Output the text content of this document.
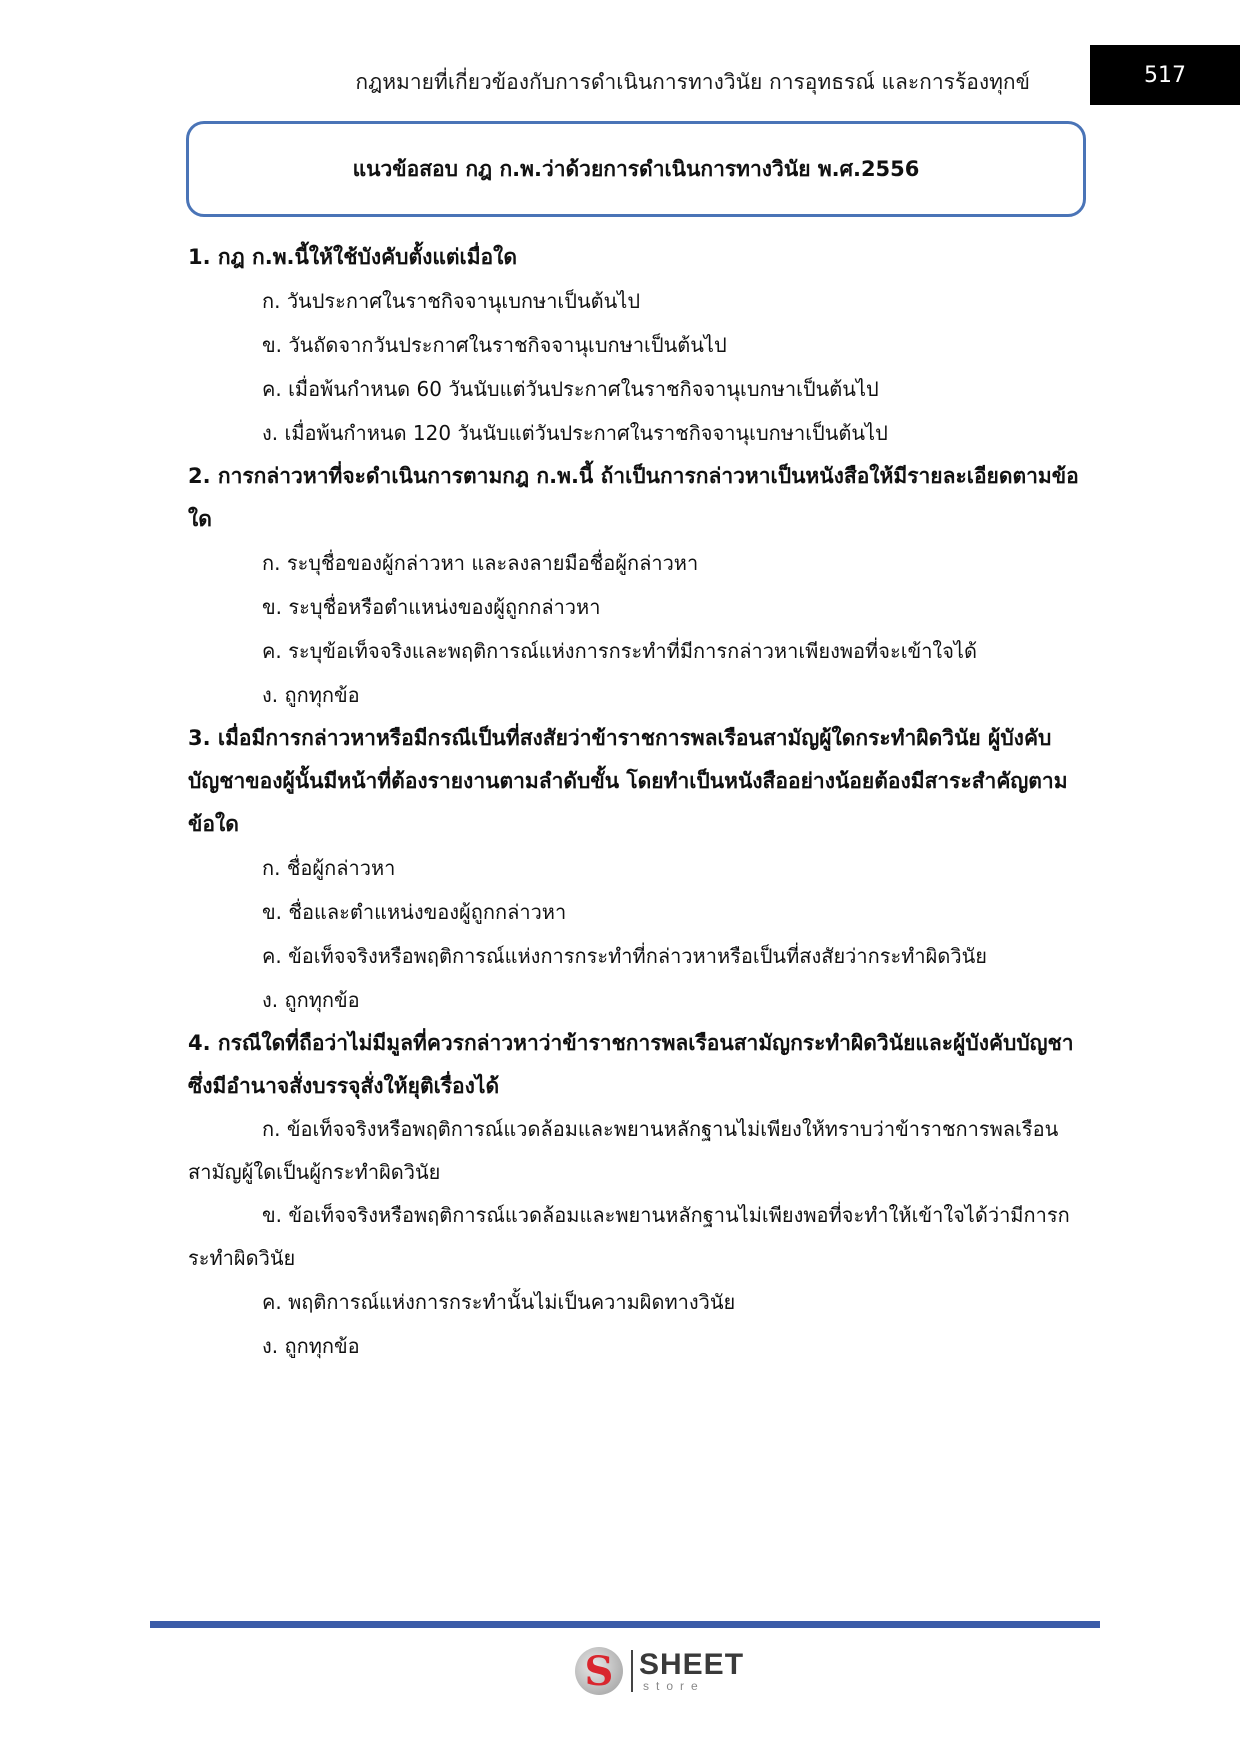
กฎหมายที่เกี่ยวข้องกับการดำเนินการทางวินัย การอุทธรณ์ และการร้องทุกข์	517
แนวข้อสอบ กฎ ก.พ.ว่าด้วยการดำเนินการทางวินัย พ.ศ.2556
1. กฎ ก.พ.นี้ให้ใช้บังคับตั้งแต่เมื่อใด
ก. วันประกาศในราชกิจจานุเบกษาเป็นต้นไป
ข. วันถัดจากวันประกาศในราชกิจจานุเบกษาเป็นต้นไป
ค. เมื่อพ้นกำหนด 60 วันนับแต่วันประกาศในราชกิจจานุเบกษาเป็นต้นไป
ง. เมื่อพ้นกำหนด 120 วันนับแต่วันประกาศในราชกิจจานุเบกษาเป็นต้นไป
2. การกล่าวหาที่จะดำเนินการตามกฎ ก.พ.นี้ ถ้าเป็นการกล่าวหาเป็นหนังสือให้มีรายละเอียดตามข้อใด
ก. ระบุชื่อของผู้กล่าวหา และลงลายมือชื่อผู้กล่าวหา
ข. ระบุชื่อหรือตำแหน่งของผู้ถูกกล่าวหา
ค. ระบุข้อเท็จจริงและพฤติการณ์แห่งการกระทำที่มีการกล่าวหาเพียงพอที่จะเข้าใจได้
ง. ถูกทุกข้อ
3. เมื่อมีการกล่าวหาหรือมีกรณีเป็นที่สงสัยว่าข้าราชการพลเรือนสามัญผู้ใดกระทำผิดวินัย ผู้บังคับบัญชาของผู้นั้นมีหน้าที่ต้องรายงานตามลำดับขั้น โดยทำเป็นหนังสืออย่างน้อยต้องมีสาระสำคัญตามข้อใด
ก. ชื่อผู้กล่าวหา
ข. ชื่อและตำแหน่งของผู้ถูกกล่าวหา
ค. ข้อเท็จจริงหรือพฤติการณ์แห่งการกระทำที่กล่าวหาหรือเป็นที่สงสัยว่ากระทำผิดวินัย
ง. ถูกทุกข้อ
4. กรณีใดที่ถือว่าไม่มีมูลที่ควรกล่าวหาว่าข้าราชการพลเรือนสามัญกระทำผิดวินัยและผู้บังคับบัญชาซึ่งมีอำนาจสั่งบรรจุสั่งให้ยุติเรื่องได้
ก. ข้อเท็จจริงหรือพฤติการณ์แวดล้อมและพยานหลักฐานไม่เพียงให้ทราบว่าข้าราชการพลเรือนสามัญผู้ใดเป็นผู้กระทำผิดวินัย
ข. ข้อเท็จจริงหรือพฤติการณ์แวดล้อมและพยานหลักฐานไม่เพียงพอที่จะทำให้เข้าใจได้ว่ามีการกระทำผิดวินัย
ค. พฤติการณ์แห่งการกระทำนั้นไม่เป็นความผิดทางวินัย
ง. ถูกทุกข้อ
S SHEET
store
